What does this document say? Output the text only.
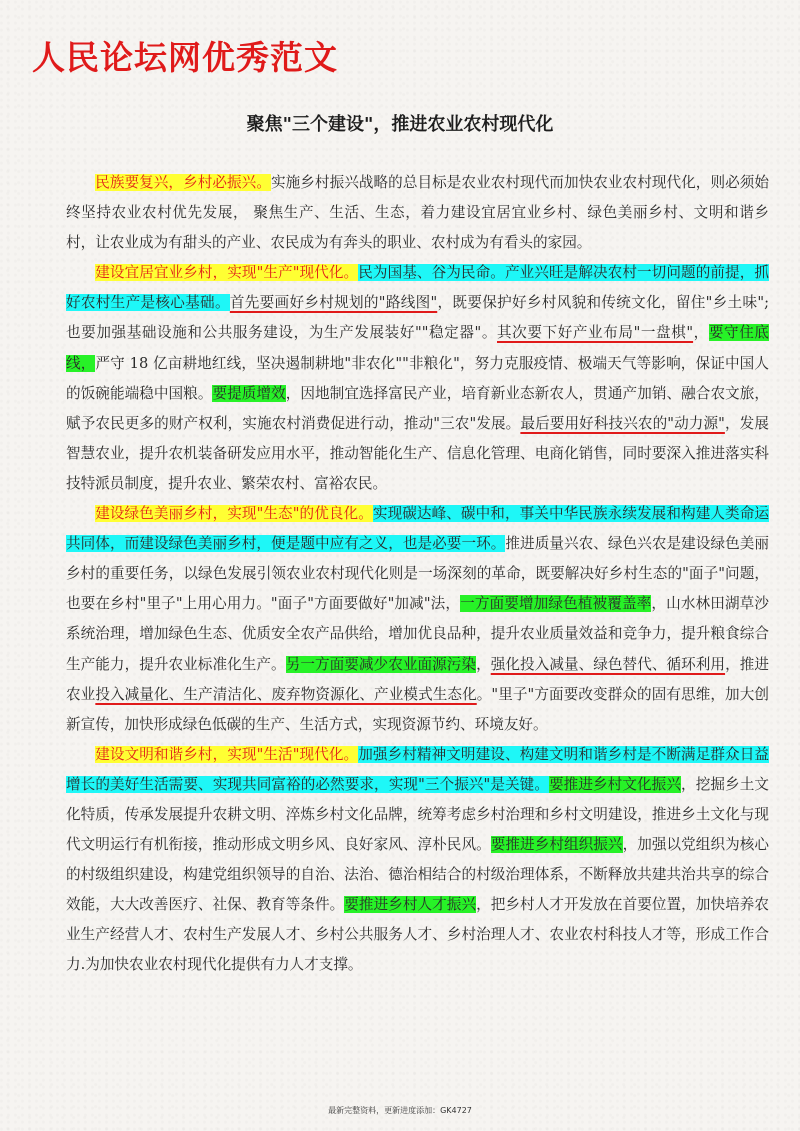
人民论坛网优秀范文
聚焦"三个建设"，推进农业农村现代化

民族要复兴，乡村必振兴。实施乡村振兴战略的总目标是农业农村现代而加快农业农村现代化，则必须始终坚持农业农村优先发展， 聚焦生产、生活、生态，着力建设宜居宜业乡村、绿色美丽乡村、文明和谐乡村，让农业成为有甜头的产业、农民成为有奔头的职业、农村成为有看头的家园。

建设宜居宜业乡村，实现"生产"现代化。民为国基、谷为民命。产业兴旺是解决农村一切问题的前提，抓好农村生产是核心基础。首先要画好乡村规划的"路线图"，既要保护好乡村风貌和传统文化，留住"乡土味";也要加强基础设施和公共服务建设，为生产发展装好""稳定器"。其次要下好产业布局"一盘棋"，要守住底线，严守 18 亿亩耕地红线，坚决遏制耕地"非农化""非粮化"，努力克服疫情、极端天气等影响，保证中国人的饭碗能端稳中国粮。要提质增效，因地制宜选择富民产业，培育新业态新农人，贯通产加销、融合农文旅，赋予农民更多的财产权利，实施农村消费促进行动，推动"三农"发展。最后要用好科技兴农的"动力源"，发展智慧农业，提升农机装备研发应用水平，推动智能化生产、信息化管理、电商化销售，同时要深入推进落实科技特派员制度，提升农业、繁荣农村、富裕农民。

建设绿色美丽乡村，实现"生态"的优良化。实现碳达峰、碳中和，事关中华民族永续发展和构建人类命运共同体，而建设绿色美丽乡村，便是题中应有之义，也是必要一环。推进质量兴农、绿色兴农是建设绿色美丽乡村的重要任务，以绿色发展引领农业农村现代化则是一场深刻的革命，既要解决好乡村生态的"面子"问题，也要在乡村"里子"上用心用力。"面子"方面要做好"加减"法，一方面要增加绿色植被覆盖率，山水林田湖草沙系统治理，增加绿色生态、优质安全农产品供给，增加优良品种，提升农业质量效益和竞争力，提升粮食综合生产能力，提升农业标准化生产。另一方面要减少农业面源污染，强化投入减量、绿色替代、循环利用，推进农业投入减量化、生产清洁化、废弃物资源化、产业模式生态化。"里子"方面要改变群众的固有思维，加大创新宣传，加快形成绿色低碳的生产、生活方式，实现资源节约、环境友好。

建设文明和谐乡村，实现"生活"现代化。加强乡村精神文明建设、构建文明和谐乡村是不断满足群众日益增长的美好生活需要、实现共同富裕的必然要求，实现"三个振兴"是关键。要推进乡村文化振兴，挖掘乡土文化特质，传承发展提升农耕文明、淬炼乡村文化品牌，统筹考虑乡村治理和乡村文明建设，推进乡土文化与现代文明运行有机衔接，推动形成文明乡风、良好家风、淳朴民风。要推进乡村组织振兴，加强以党组织为核心的村级组织建设，构建党组织领导的自治、法治、德治相结合的村级治理体系，不断释放共建共治共享的综合效能，大大改善医疗、社保、教育等条件。要推进乡村人才振兴，把乡村人才开发放在首要位置，加快培养农业生产经营人才、农村生产发展人才、乡村公共服务人才、乡村治理人才、农业农村科技人才等，形成工作合力.为加快农业农村现代化提供有力人才支撑。

最新完整资料，更新进度添加：GK4727
